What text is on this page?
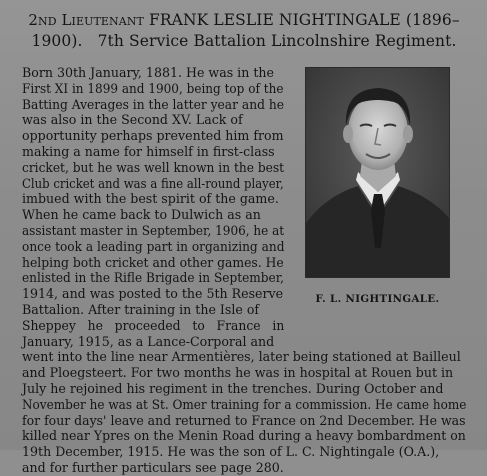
2nd Lieutenant FRANK LESLIE NIGHTINGALE (1896–
1900).   7th Service Battalion Lincolnshire Regiment.
F. L. NIGHTINGALE.
Born 30th January, 1881. He was in the
First XI in 1899 and 1900, being top of the
Batting Averages in the latter year and he
was also in the Second XV. Lack of
opportunity perhaps prevented him from
making a name for himself in first-class
cricket, but he was well known in the best
Club cricket and was a fine all-round player,
imbued with the best spirit of the game.
When he came back to Dulwich as an
assistant master in September, 1906, he at
once took a leading part in organizing and
helping both cricket and other games. He
enlisted in the Rifle Brigade in September,
1914, and was posted to the 5th Reserve
Battalion. After training in the Isle of
Sheppey   he   proceeded   to   France   in
January, 1915, as a Lance-Corporal and
went into the line near Armentières, later being stationed at Bailleul
and Ploegsteert. For two months he was in hospital at Rouen but in
July he rejoined his regiment in the trenches. During October and
November he was at St. Omer training for a commission. He came home
for four days' leave and returned to France on 2nd December. He was
killed near Ypres on the Menin Road during a heavy bombardment on
19th December, 1915. He was the son of L. C. Nightingale (O.A.),
and for further particulars see page 280.
